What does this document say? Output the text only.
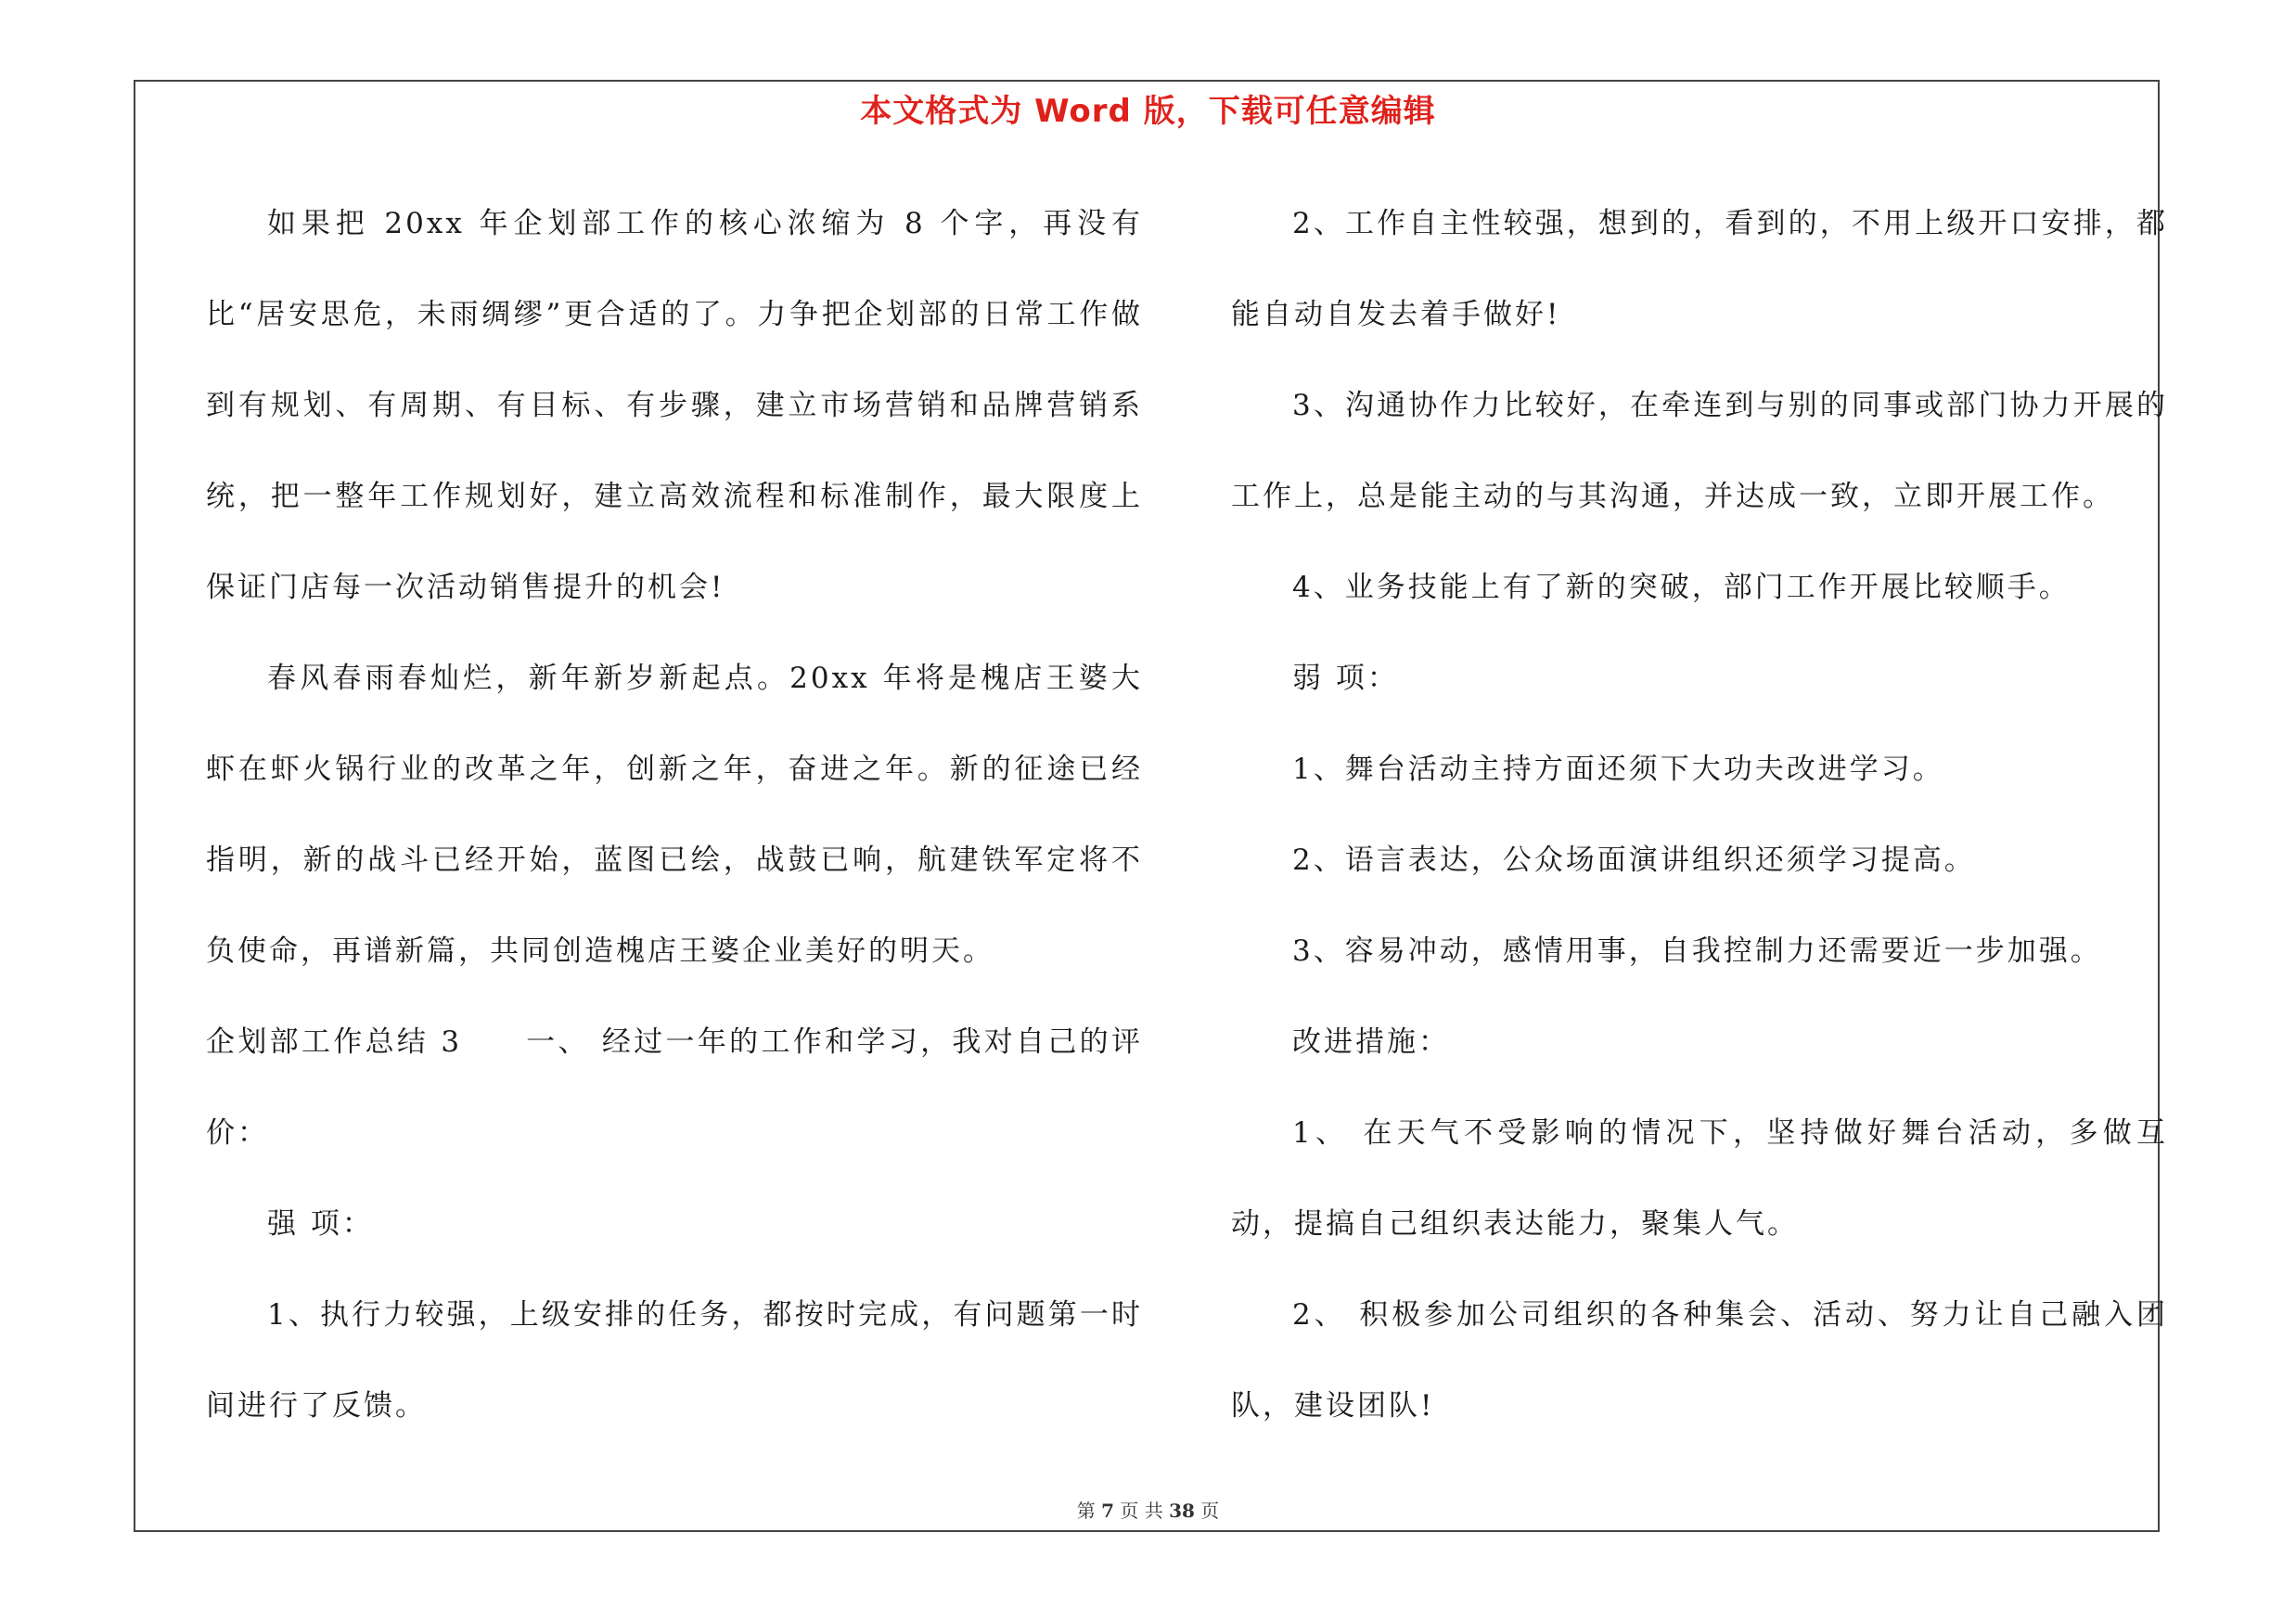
本文格式为 Word 版，下载可任意编辑

如果把 20xx 年企划部工作的核心浓缩为 8 个字，再没有比“居安思危，未雨绸缪”更合适的了。力争把企划部的日常工作做到有规划、有周期、有目标、有步骤，建立市场营销和品牌营销系统，把一整年工作规划好，建立高效流程和标准制作，最大限度上保证门店每一次活动销售提升的机会!

春风春雨春灿烂，新年新岁新起点。20xx 年将是槐店王婆大虾在虾火锅行业的改革之年，创新之年，奋进之年。新的征途已经指明，新的战斗已经开始，蓝图已绘，战鼓已响，航建铁军定将不负使命，再谱新篇，共同创造槐店王婆企业美好的明天。

企划部工作总结 3　　一、 经过一年的工作和学习，我对自己的评价：

强 项：

1、执行力较强，上级安排的任务，都按时完成，有问题第一时间进行了反馈。

2、工作自主性较强，想到的，看到的，不用上级开口安排，都能自动自发去着手做好!

3、沟通协作力比较好，在牵连到与别的同事或部门协力开展的工作上，总是能主动的与其沟通，并达成一致，立即开展工作。

4、业务技能上有了新的突破，部门工作开展比较顺手。

弱 项：

1、舞台活动主持方面还须下大功夫改进学习。

2、语言表达，公众场面演讲组织还须学习提高。

3、容易冲动，感情用事，自我控制力还需要近一步加强。

改进措施：

1、 在天气不受影响的情况下，坚持做好舞台活动，多做互动，提搞自己组织表达能力，聚集人气。

2、 积极参加公司组织的各种集会、活动、努力让自己融入团队，建设团队!

第 7 页 共 38 页
